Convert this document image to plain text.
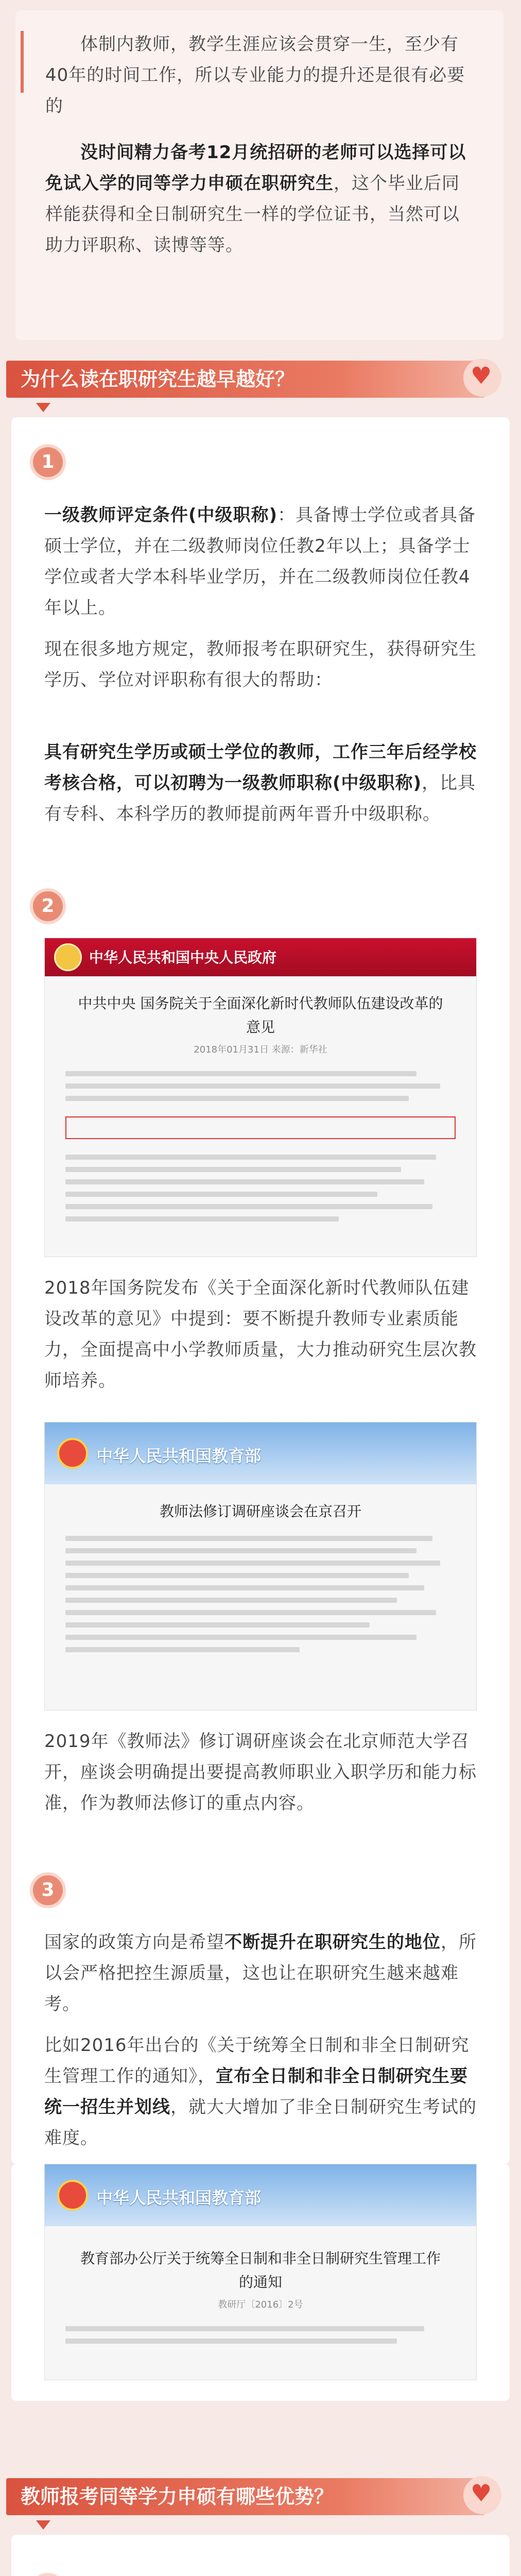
体制内教师，教学生涯应该会贯穿一生，至少有40年的时间工作，所以专业能力的提升还是很有必要的

没时间精力备考12月统招研的老师可以选择可以免试入学的同等学力申硕在职研究生，这个毕业后同样能获得和全日制研究生一样的学位证书，当然可以助力评职称、读博等等。

为什么读在职研究生越早越好？	♥
1	国教师评职称学历越高越有优势

一级教师评定条件(中级职称)：具备博士学位或者具备硕士学位，并在二级教师岗位任教2年以上；具备学士学位或者大学本科毕业学历，并在二级教师岗位任教4年以上。

现在很多地方规定，教师报考在职研究生，获得研究生学历、学位对评职称有很大的帮助：

具有研究生学历或硕士学位的教师，工作三年后经学校考核合格，可以初聘为一级教师职称(中级职称)，比具有专科、本科学历的教师提前两年晋升中级职称。

2	教师提高学历或成强制要求
中华人民共和国中央人民政府
中共中央 国务院关于全面深化新时代教师队伍建设改革的意见
2018年01月31日 来源：新华社

2018年国务院发布《关于全面深化新时代教师队伍建设改革的意见》中提到：要不断提升教师专业素质能力，全面提高中小学教师质量，大力推动研究生层次教师培养。

中华人民共和国教育部
教师法修订调研座谈会在京召开

2019年《教师法》修订调研座谈会在北京师范大学召开，座谈会明确提出要提高教师职业入职学历和能力标准，作为教师法修订的重点内容。

3	教师提高学历或成强制要求

国家的政策方向是希望不断提升在职研究生的地位，所以会严格把控生源质量，这也让在职研究生越来越难考。

比如2016年出台的《关于统筹全日制和非全日制研究生管理工作的通知》，宣布全日制和非全日制研究生要统一招生并划线，就大大增加了非全日制研究生考试的难度。

中华人民共和国教育部
教育部办公厅关于统筹全日制和非全日制研究生管理工作的通知
教研厅〔2016〕2号
教师报考同等学力申硕有哪些优势？	♥
